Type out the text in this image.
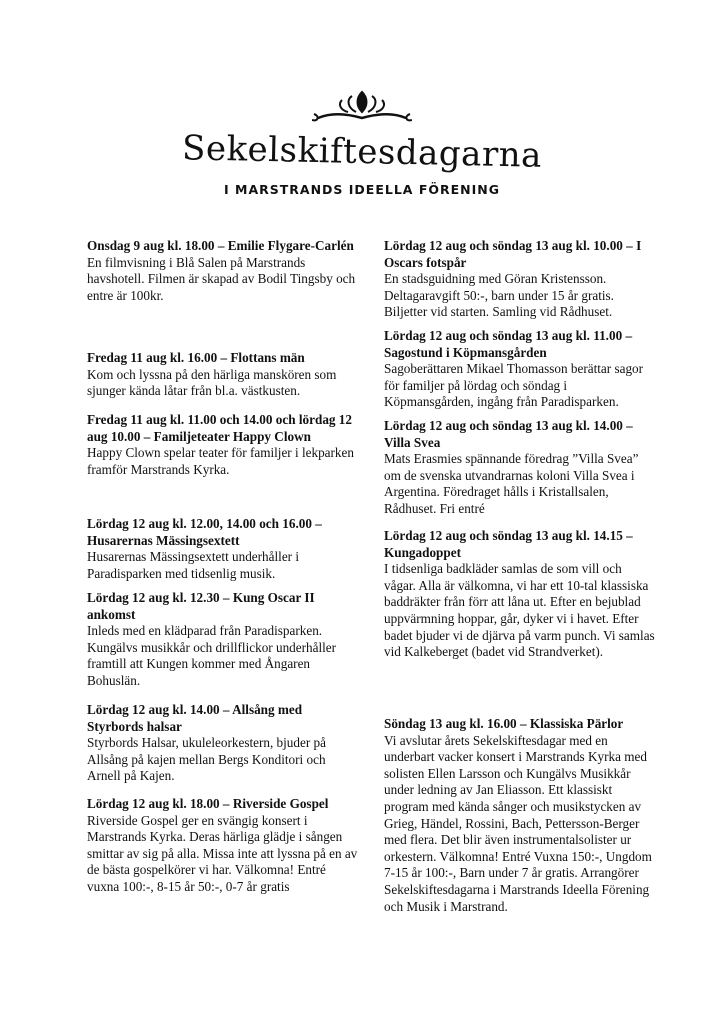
Sekelskiftesdagarna
I MARSTRANDS IDEELLA FÖRENING
Onsdag 9 aug kl. 18.00 – Emilie Flygare-Carlén
En filmvisning i Blå Salen på Marstrands havshotell. Filmen är skapad av Bodil Tingsby och entre är 100kr.
Fredag 11 aug kl. 16.00 – Flottans män
Kom och lyssna på den härliga manskören som sjunger kända låtar från bl.a. västkusten.
Fredag 11 aug kl. 11.00 och 14.00 och lördag 12 aug 10.00 – Familjeteater Happy Clown
Happy Clown spelar teater för familjer i lekparken framför Marstrands Kyrka.
Lördag 12 aug kl. 12.00, 14.00 och 16.00 – Husarernas Mässingsextett
Husarernas Mässingsextett underhåller i Paradisparken med tidsenlig musik.
Lördag 12 aug kl. 12.30 – Kung Oscar II ankomst
Inleds med en klädparad från Paradisparken. Kungälvs musikkår och drillflickor underhåller framtill att Kungen kommer med Ångaren Bohuslän.
Lördag 12 aug kl. 14.00 – Allsång med Styrbords halsar
Styrbords Halsar, ukuleleorkestern, bjuder på Allsång på kajen mellan Bergs Konditori och Arnell på Kajen.
Lördag 12 aug kl. 18.00 – Riverside Gospel
Riverside Gospel ger en svängig konsert i Marstrands Kyrka. Deras härliga glädje i sången smittar av sig på alla. Missa inte att lyssna på en av de bästa gospelkörer vi har. Välkomna! Entré vuxna 100:-, 8-15 år 50:-, 0-7 år gratis
Lördag 12 aug och söndag 13 aug kl. 10.00 – I Oscars fotspår
En stadsguidning med Göran Kristensson. Deltagaravgift 50:-, barn under 15 år gratis. Biljetter vid starten. Samling vid Rådhuset.
Lördag 12 aug och söndag 13 aug kl. 11.00 – Sagostund i Köpmansgården
Sagoberättaren Mikael Thomasson berättar sagor för familjer på lördag och söndag i Köpmansgården, ingång från Paradisparken.
Lördag 12 aug och söndag 13 aug kl. 14.00 – Villa Svea
Mats Erasmies spännande föredrag ”Villa Svea” om de svenska utvandrarnas koloni Villa Svea i Argentina. Föredraget hålls i Kristallsalen, Rådhuset. Fri entré
Lördag 12 aug och söndag 13 aug kl. 14.15 – Kungadoppet
I tidsenliga badkläder samlas de som vill och vågar. Alla är välkomna, vi har ett 10-tal klassiska baddräkter från förr att låna ut. Efter en bejublad uppvärmning hoppar, går, dyker vi i havet. Efter badet bjuder vi de djärva på varm punch. Vi samlas vid Kalkeberget (badet vid Strandverket).
Söndag 13 aug kl. 16.00 – Klassiska Pärlor
Vi avslutar årets Sekelskiftesdagar med en underbart vacker konsert i Marstrands Kyrka med solisten Ellen Larsson och Kungälvs Musikkår under ledning av Jan Eliasson. Ett klassiskt program med kända sånger och musikstycken av Grieg, Händel, Rossini, Bach, Pettersson-Berger med flera. Det blir även instrumentalsolister ur orkestern. Välkomna! Entré Vuxna 150:-, Ungdom 7-15 år 100:-, Barn under 7 år gratis. Arrangörer Sekelskiftesdagarna i Marstrands Ideella Förening och Musik i Marstrand.
